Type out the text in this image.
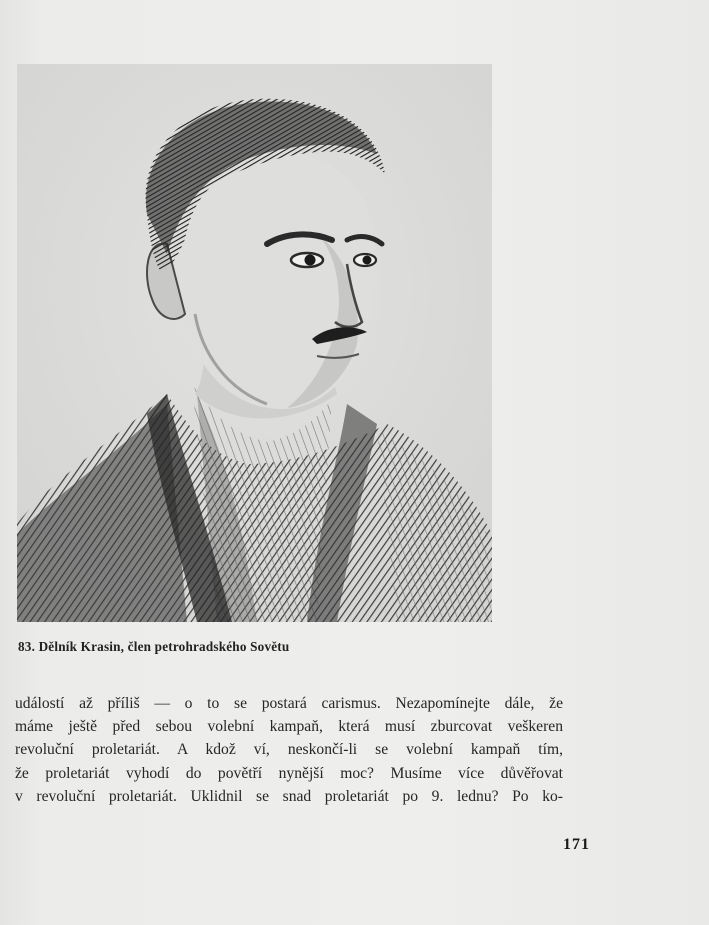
83. Dělník Krasin, člen petrohradského Sovětu
událostí až příliš — o to se postará carismus. Nezapomínejte dále, že
máme ještě před sebou volební kampaň, která musí zburcovat veškeren
revoluční proletariát. A kdož ví, neskončí-li se volební kampaň tím,
že proletariát vyhodí do povětří nynější moc? Musíme více důvěřovat
v revoluční proletariát. Uklidnil se snad proletariát po 9. lednu? Po ko-
171
